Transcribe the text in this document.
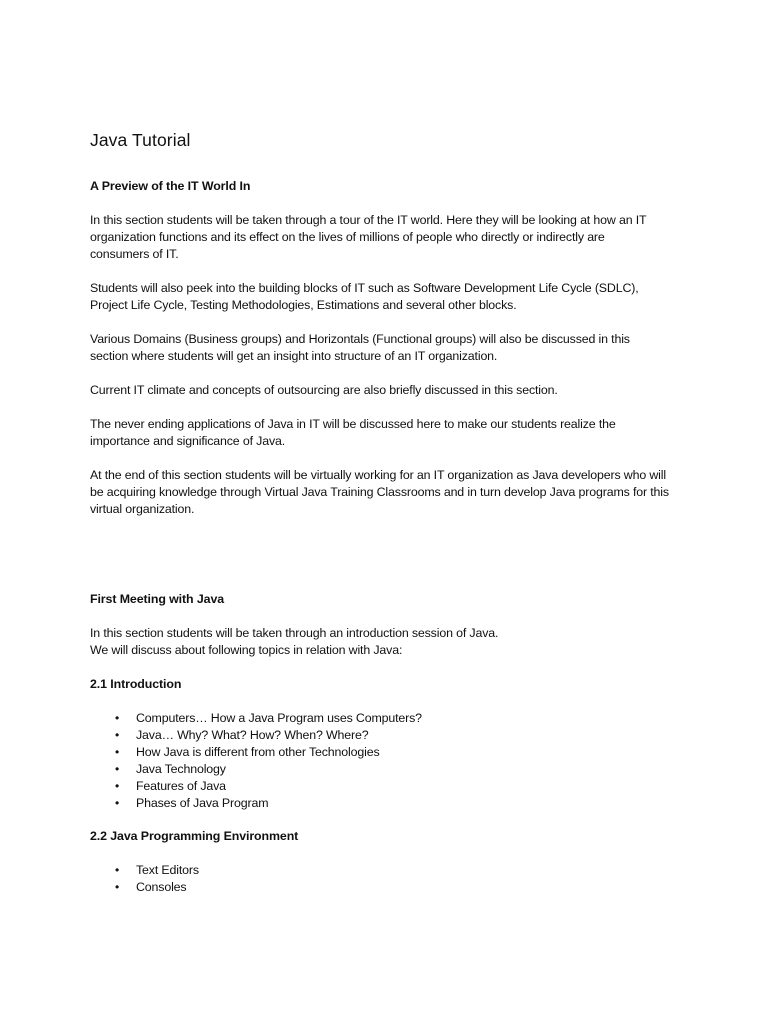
Java Tutorial
A Preview of the IT World In

In this section students will be taken through a tour of the IT world. Here they will be looking at how an IT organization functions and its effect on the lives of millions of people who directly or indirectly are consumers of IT.

Students will also peek into the building blocks of IT such as Software Development Life Cycle (SDLC), Project Life Cycle, Testing Methodologies, Estimations and several other blocks.

Various Domains (Business groups) and Horizontals (Functional groups) will also be discussed in this section where students will get an insight into structure of an IT organization.

Current IT climate and concepts of outsourcing are also briefly discussed in this section.

The never ending applications of Java in IT will be discussed here to make our students realize the importance and significance of Java.

At the end of this section students will be virtually working for an IT organization as Java developers who will be acquiring knowledge through Virtual Java Training Classrooms and in turn develop Java programs for this virtual organization.

First Meeting with Java
In this section students will be taken through an introduction session of Java.
We will discuss about following topics in relation with Java:
2.1 Introduction
• Computers… How a Java Program uses Computers?
• Java… Why? What? How? When? Where?
• How Java is different from other Technologies
• Java Technology
• Features of Java
• Phases of Java Program
2.2 Java Programming Environment
• Text Editors
• Consoles
